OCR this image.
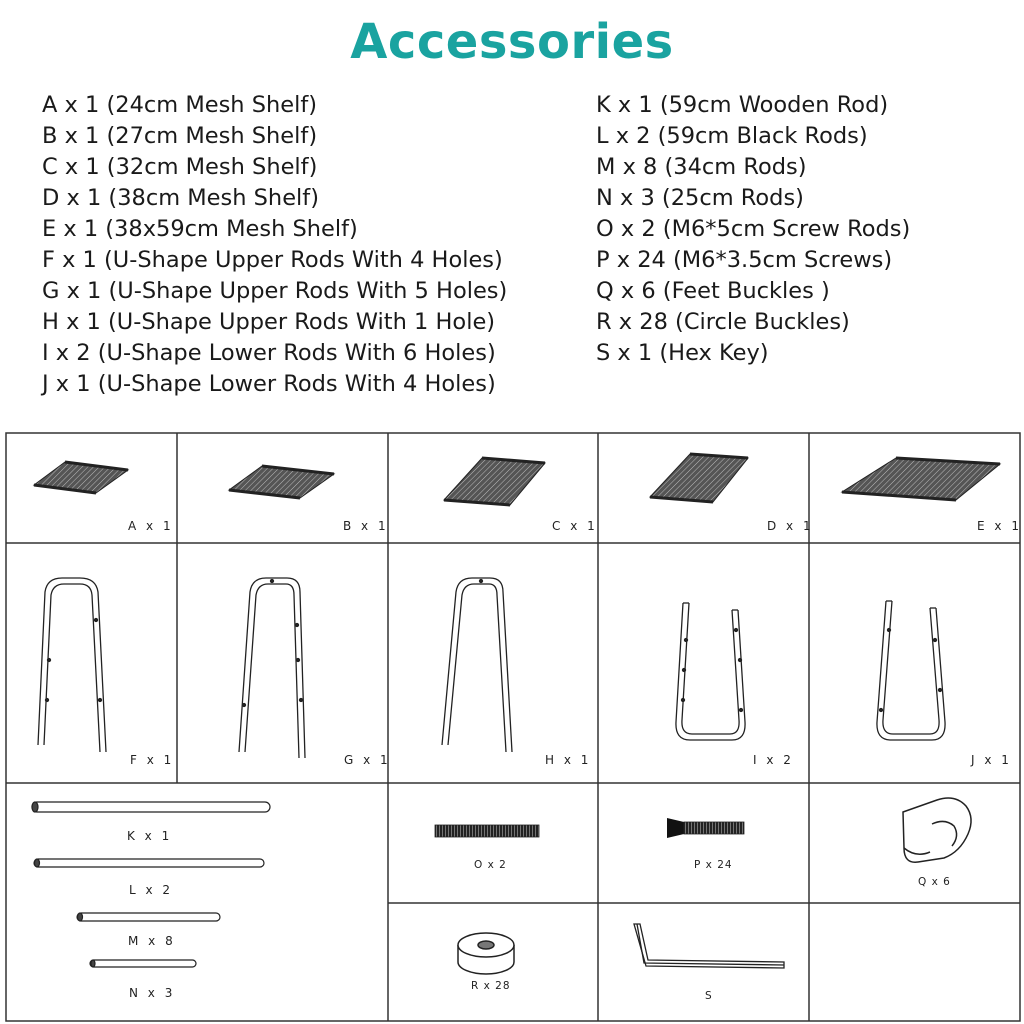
Accessories
A x 1 (24cm Mesh Shelf)
B x 1 (27cm Mesh Shelf)
C x 1 (32cm Mesh Shelf)
D x 1 (38cm Mesh Shelf)
E x 1 (38x59cm Mesh Shelf)
F x 1 (U-Shape Upper Rods With 4 Holes)
G x 1 (U-Shape Upper Rods With 5 Holes)
H x 1 (U-Shape Upper Rods With 1 Hole)
I x 2 (U-Shape Lower Rods With 6 Holes)
J x 1 (U-Shape Lower Rods With 4 Holes)
K x 1 (59cm Wooden Rod)
L x 2 (59cm Black Rods)
M x 8 (34cm Rods)
N x 3 (25cm Rods)
O x 2 (M6*5cm Screw Rods)
P x 24 (M6*3.5cm Screws)
Q x 6 (Feet Buckles )
R x 28 (Circle Buckles)
S x 1 (Hex Key)
A x 1	B x 1	C x 1	D x 1	E x 1
F x 1	G x 1	H x 1	I x 2	J x 1
K x 1
L x 2
M x 8
N x 3
O x 2	P x 24
Q x 6
R x 28
S
